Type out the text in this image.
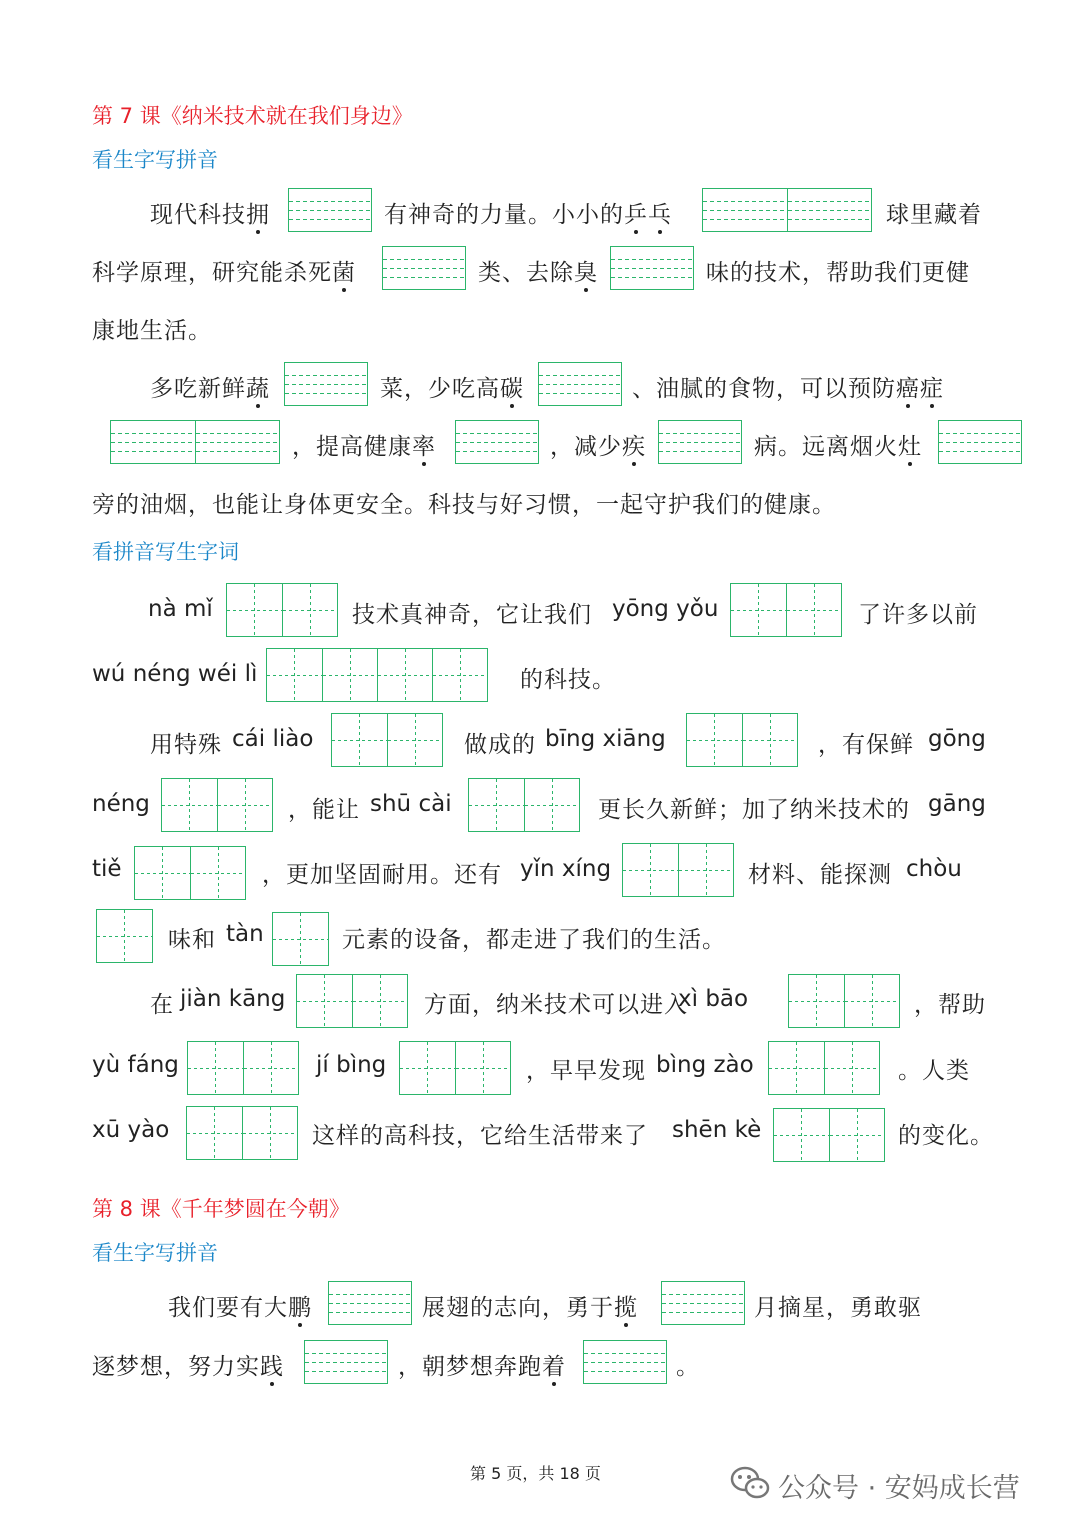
第 7 课《纳米技术就在我们身边》
看生字写拼音
现代科技拥	有神奇的力量。小小的乒乓	球里藏着
科学原理，研究能杀死菌	类、去除臭	味的技术，帮助我们更健
康地生活。
多吃新鲜蔬	菜，少吃高碳	、油腻的食物，可以预防癌症
，提高健康率	，减少疾	病。远离烟火灶
旁的油烟，也能让身体更安全。科技与好习惯，一起守护我们的健康。
看拼音写生字词
nà mǐ	技术真神奇，它让我们 yōng yǒu	了许多以前
wú néng wéi lì	的科技。
用特殊 cái liào	做成的 bīng xiāng	，有保鲜 gōng
néng	，能让 shū cài	更长久新鲜；加了纳米技术的 gāng
tiě	，更加坚固耐用。还有 yǐn xíng	材料、能探测 chòu
味和 tàn	元素的设备，都走进了我们的生活。
在 jiàn kāng	方面，纳米技术可以进入
xì bāo	，帮助
yù fáng	jí bìng	，早早发现 bìng zào	。人类
xū yào	这样的高科技，它给生活带来了 shēn kè	的变化。
第 8 课《千年梦圆在今朝》
看生字写拼音
我们要有大鹏	展翅的志向，勇于揽	月摘星，勇敢驱
逐梦想，努力实践	，朝梦想奔跑着	。
第 5 页，共 18 页	公众号 · 安妈成长营
